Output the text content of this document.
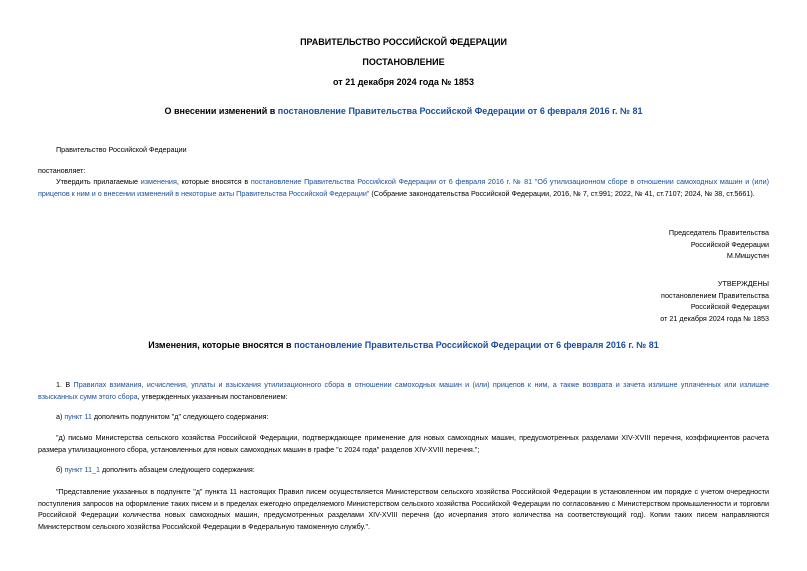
ПРАВИТЕЛЬСТВО РОССИЙСКОЙ ФЕДЕРАЦИИ
ПОСТАНОВЛЕНИЕ
от 21 декабря 2024 года № 1853
О внесении изменений в постановление Правительства Российской Федерации от 6 февраля 2016 г. № 81
Правительство Российской Федерации
постановляет:
Утвердить прилагаемые изменения, которые вносятся в постановление Правительства Российской Федерации от 6 февраля 2016 г. № 81 "Об утилизационном сборе в отношении самоходных машин и (или) прицепов к ним и о внесении изменений в некоторые акты Правительства Российской Федерации" (Собрание законодательства Российской Федерации, 2016, № 7, ст.991; 2022, № 41, ст.7107; 2024, № 38, ст.5661).
Председатель Правительства
Российской Федерации
М.Мишустин
УТВЕРЖДЕНЫ
постановлением Правительства
Российской Федерации
от 21 декабря 2024 года № 1853
Изменения, которые вносятся в постановление Правительства Российской Федерации от 6 февраля 2016 г. № 81
1. В Правилах взимания, исчисления, уплаты и взыскания утилизационного сбора в отношении самоходных машин и (или) прицепов к ним, а также возврата и зачета излишне уплаченных или излишне взысканных сумм этого сбора, утвержденных указанным постановлением:
а) пункт 11 дополнить подпунктом "д" следующего содержания:
"д) письмо Министерства сельского хозяйства Российской Федерации, подтверждающее применение для новых самоходных машин, предусмотренных разделами XIV-XVIII перечня, коэффициентов расчета размера утилизационного сбора, установленных для новых самоходных машин в графе "с 2024 года" разделов XIV-XVIII перечня.";
б) пункт 11_1 дополнить абзацем следующего содержания:
"Представление указанных в подпункте "д" пункта 11 настоящих Правил писем осуществляется Министерством сельского хозяйства Российской Федерации в установленном им порядке с учетом очередности поступления запросов на оформление таких писем и в пределах ежегодно определяемого Министерством сельского хозяйства Российской Федерации по согласованию с Министерством промышленности и торговли Российской Федерации количества новых самоходных машин, предусмотренных разделами XIV-XVIII перечня (до исчерпания этого количества на соответствующий год). Копии таких писем направляются Министерством сельского хозяйства Российской Федерации в Федеральную таможенную службу.".
